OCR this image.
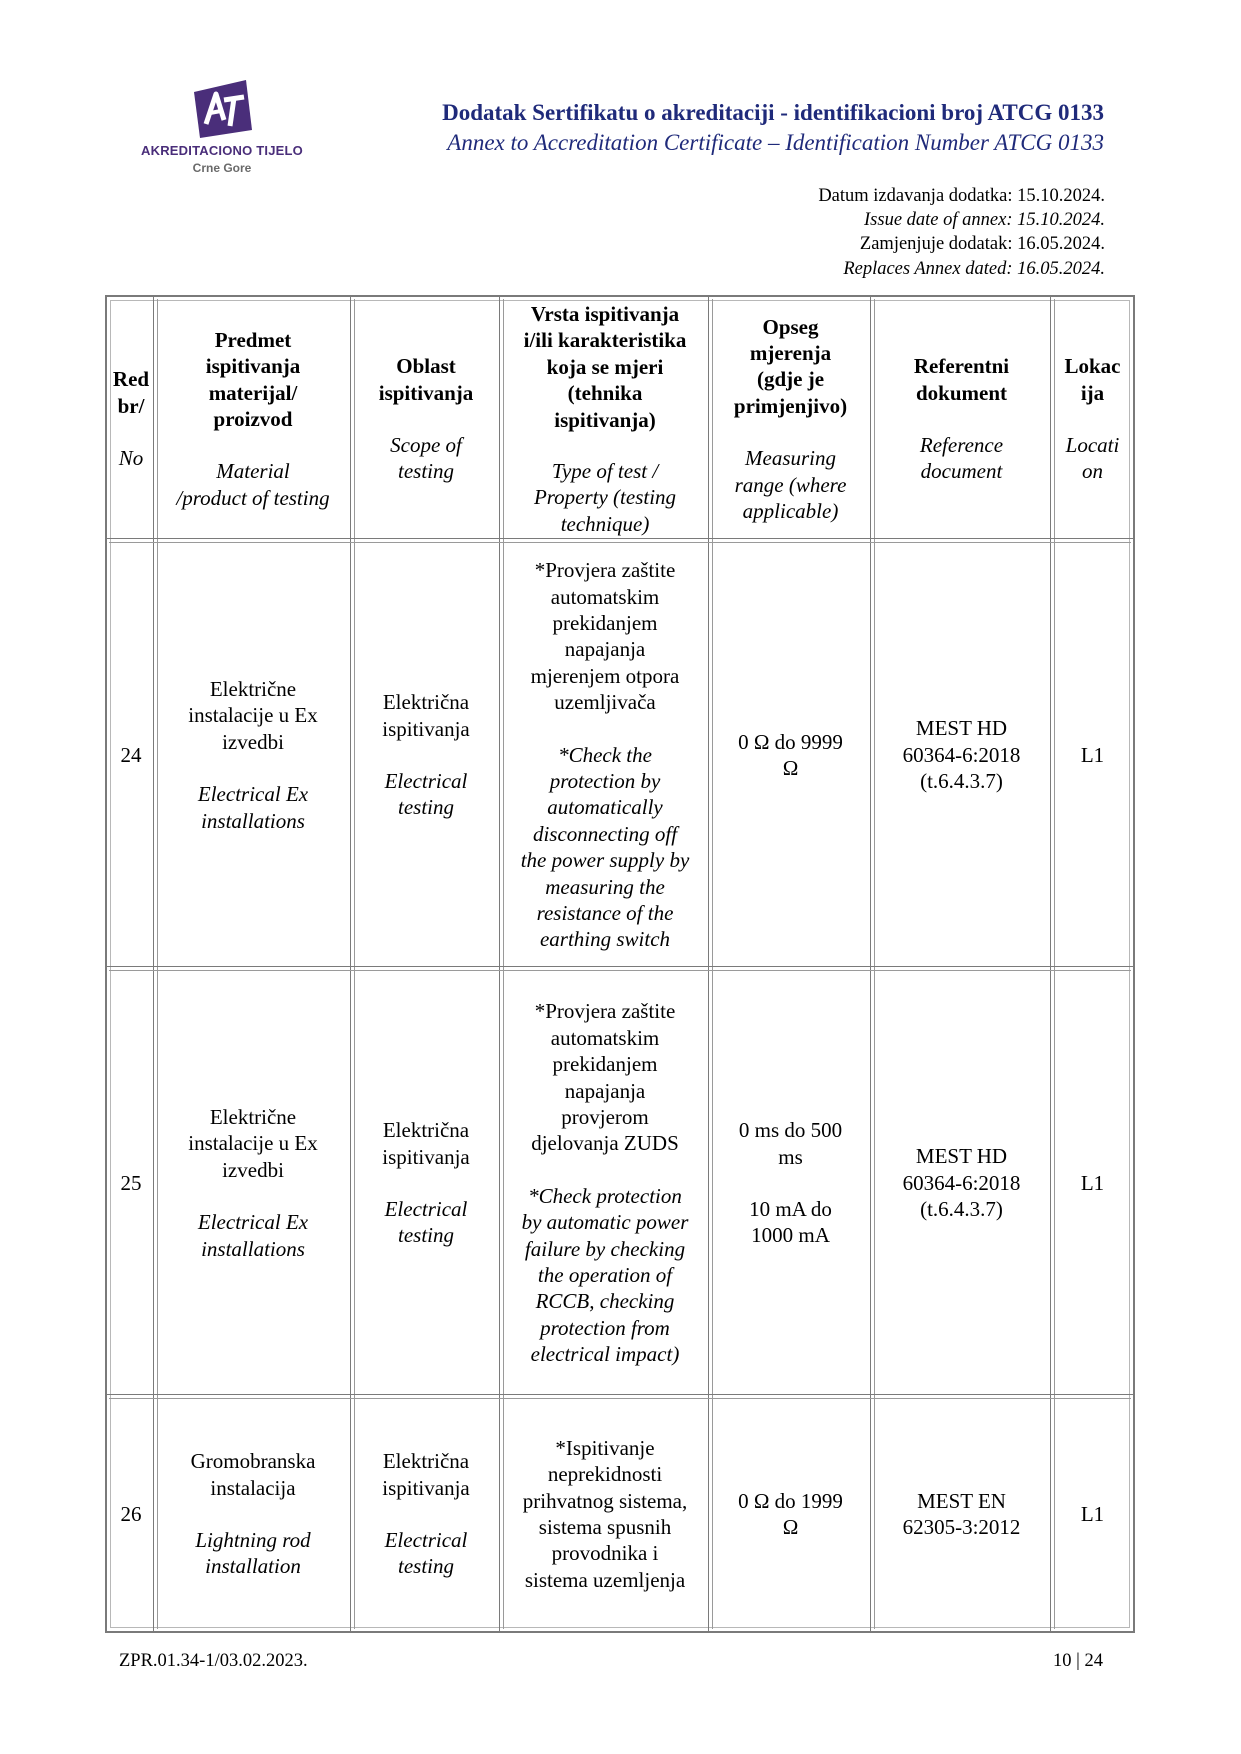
AKREDITACIONO TIJELO
Crne Gore
Dodatak Sertifikatu o akreditaciji - identifikacioni broj ATCG 0133
Annex to Accreditation Certificate – Identification Number ATCG 0133
Datum izdavanja dodatka: 15.10.2024.
Issue date of annex: 15.10.2024.
Zamjenjuje dodatak: 16.05.2024.
Replaces Annex dated: 16.05.2024.
Red
br/
No
Predmet
ispitivanja
materijal/
proizvod
Material
/product of testing
Oblast
ispitivanja
Scope of
testing
Vrsta ispitivanja
i/ili karakteristika
koja se mjeri
(tehnika
ispitivanja)
Type of test /
Property (testing
technique)
Opseg
mjerenja
(gdje je
primjenjivo)
Measuring
range (where
applicable)
Referentni
dokument
Reference
document
Lokac
ija
Locati
on
24
Električne
instalacije u Ex
izvedbi
Electrical Ex
installations
Električna
ispitivanja
Electrical
testing
*Provjera zaštite
automatskim
prekidanjem
napajanja
mjerenjem otpora
uzemljivača
*Check the
protection by
automatically
disconnecting off
the power supply by
measuring the
resistance of the
earthing switch
0 Ω do 9999
Ω
MEST HD
60364-6:2018
(t.6.4.3.7)
L1
25
Električne
instalacije u Ex
izvedbi
Electrical Ex
installations
Električna
ispitivanja
Electrical
testing
*Provjera zaštite
automatskim
prekidanjem
napajanja
provjerom
djelovanja ZUDS
*Check protection
by automatic power
failure by checking
the operation of
RCCB, checking
protection from
electrical impact)
0 ms do 500
ms
10 mA do
1000 mA
MEST HD
60364-6:2018
(t.6.4.3.7)
L1
26
Gromobranska
instalacija
Lightning rod
installation
Električna
ispitivanja
Electrical
testing
*Ispitivanje
neprekidnosti
prihvatnog sistema,
sistema spusnih
provodnika i
sistema uzemljenja
0 Ω do 1999
Ω
MEST EN
62305-3:2012
L1
ZPR.01.34-1/03.02.2023.	10 | 24
